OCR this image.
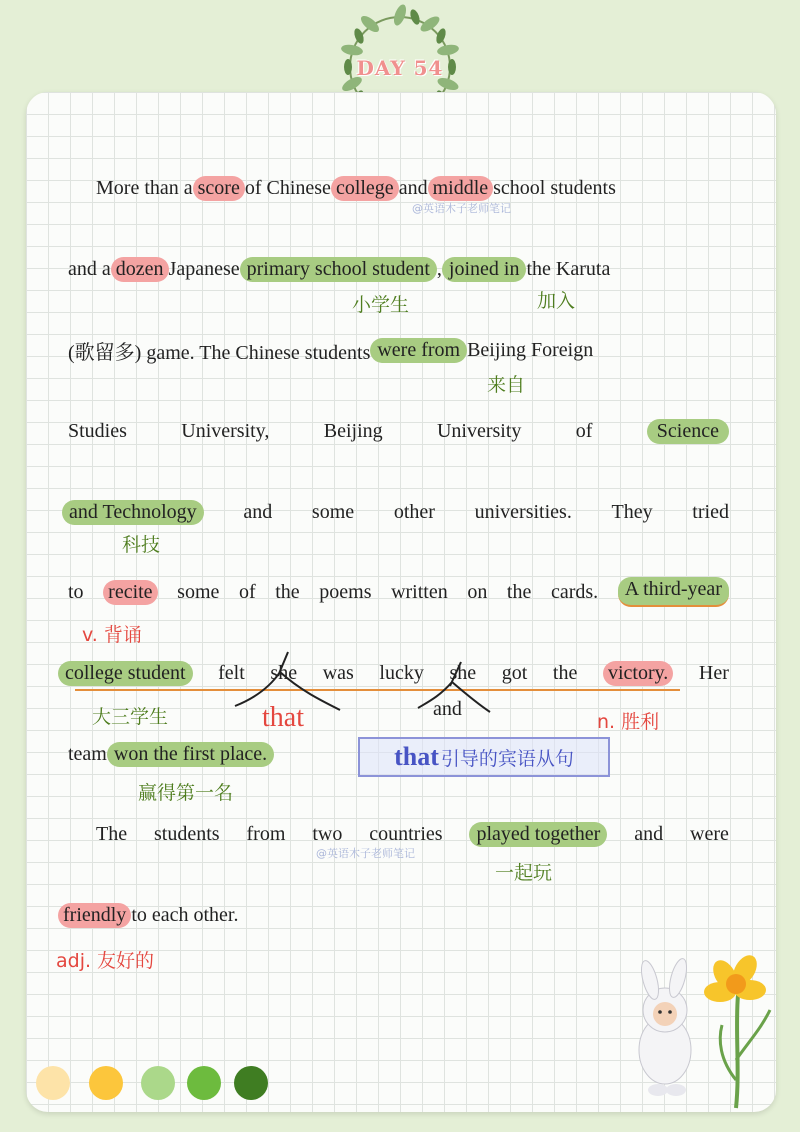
DAY 54
More than a score of Chinese college and middle school students
@英语木子老师笔记
and a dozen Japanese primary school student , joined in the Karuta
小学生	加入
(歌留多) game. The Chinese students were from Beijing Foreign
来自
Studies	University,	Beijing	University	of	Science
and Technology	and some other universities. They tried
科技
to recite some of the poems written on the cards.	A third-year
v. 背诵
college student	felt she was lucky she got the victory. Her
that	and
大三学生	n. 胜利
team won the first place.	that 引导的宾语从句
赢得第一名
The students from two countries	played together	and were
@英语木子老师笔记
一起玩
friendly to each other.
adj. 友好的
